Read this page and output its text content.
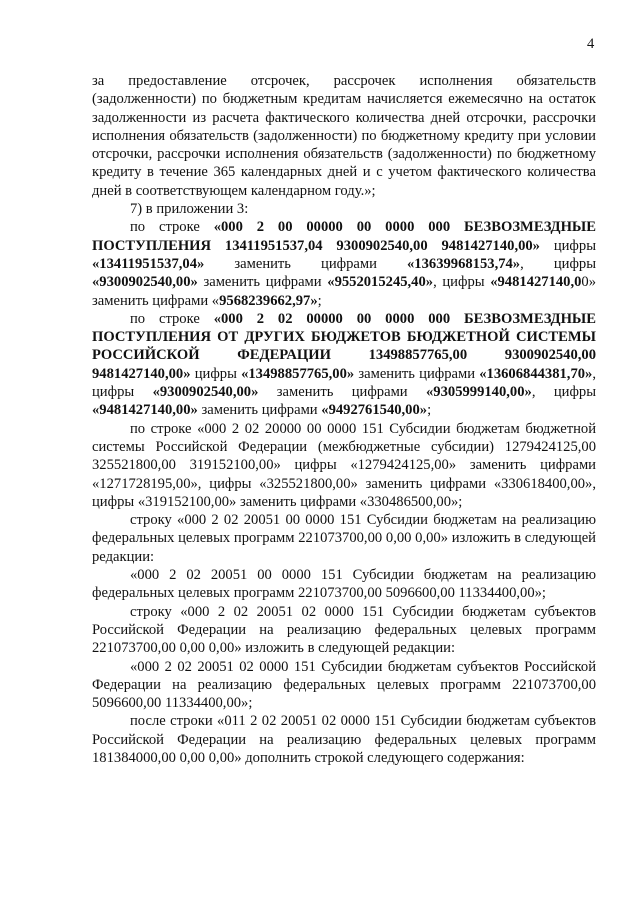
4

за предоставление отсрочек, рассрочек исполнения обязательств (задолженности) по бюджетным кредитам начисляется ежемесячно на остаток задолженности из расчета фактического количества дней отсрочки, рассрочки исполнения обязательств (задолженности) по бюджетному кредиту при условии отсрочки, рассрочки исполнения обязательств (задолженности) по бюджетному кредиту в течение 365 календарных дней и с учетом фактического количества дней в соответствующем календарном году.»;

7) в приложении 3:

по строке «000 2 00 00000 00 0000 000 БЕЗВОЗМЕЗДНЫЕ ПОСТУПЛЕНИЯ 13411951537,04 9300902540,00 9481427140,00» цифры «13411951537,04» заменить цифрами «13639968153,74», цифры «9300902540,00» заменить цифрами «9552015245,40», цифры «9481427140,00» заменить цифрами «9568239662,97»;

по строке «000 2 02 00000 00 0000 000 БЕЗВОЗМЕЗДНЫЕ ПОСТУПЛЕНИЯ ОТ ДРУГИХ БЮДЖЕТОВ БЮДЖЕТНОЙ СИСТЕМЫ РОССИЙСКОЙ ФЕДЕРАЦИИ 13498857765,00 9300902540,00 9481427140,00» цифры «13498857765,00» заменить цифрами «13606844381,70», цифры «9300902540,00» заменить цифрами «9305999140,00», цифры «9481427140,00» заменить цифрами «9492761540,00»;

по строке «000 2 02 20000 00 0000 151 Субсидии бюджетам бюджетной системы Российской Федерации (межбюджетные субсидии) 1279424125,00 325521800,00 319152100,00» цифры «1279424125,00» заменить цифрами «1271728195,00», цифры «325521800,00» заменить цифрами «330618400,00», цифры «319152100,00» заменить цифрами «330486500,00»;

строку «000 2 02 20051 00 0000 151 Субсидии бюджетам на реализацию федеральных целевых программ 221073700,00 0,00 0,00» изложить в следующей редакции:

«000 2 02 20051 00 0000 151 Субсидии бюджетам на реализацию федеральных целевых программ 221073700,00 5096600,00 11334400,00»;

строку «000 2 02 20051 02 0000 151 Субсидии бюджетам субъектов Российской Федерации на реализацию федеральных целевых программ 221073700,00 0,00 0,00» изложить в следующей редакции:

«000 2 02 20051 02 0000 151 Субсидии бюджетам субъектов Российской Федерации на реализацию федеральных целевых программ 221073700,00 5096600,00 11334400,00»;

после строки «011 2 02 20051 02 0000 151 Субсидии бюджетам субъектов Российской Федерации на реализацию федеральных целевых программ 181384000,00 0,00 0,00» дополнить строкой следующего содержания:
